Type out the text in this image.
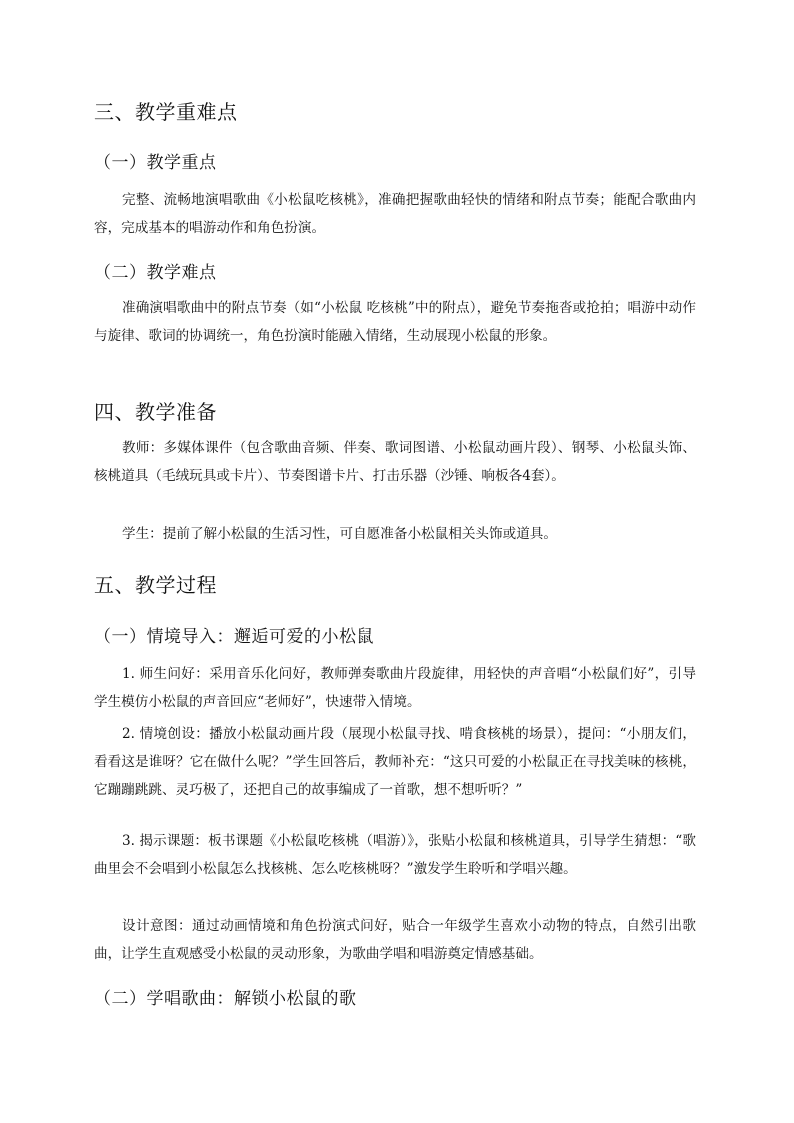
三、教学重难点
（一）教学重点

完整、流畅地演唱歌曲《小松鼠吃核桃》，准确把握歌曲轻快的情绪和附点节奏；能配合歌曲内容，完成基本的唱游动作和角色扮演。

（二）教学难点

准确演唱歌曲中的附点节奏（如“小松鼠 吃核桃”中的附点），避免节奏拖沓或抢拍；唱游中动作与旋律、歌词的协调统一，角色扮演时能融入情绪，生动展现小松鼠的形象。

四、教学准备

教师：多媒体课件（包含歌曲音频、伴奏、歌词图谱、小松鼠动画片段）、钢琴、小松鼠头饰、核桃道具（毛绒玩具或卡片）、节奏图谱卡片、打击乐器（沙锤、响板各4套）。

学生：提前了解小松鼠的生活习性，可自愿准备小松鼠相关头饰或道具。

五、教学过程
（一）情境导入：邂逅可爱的小松鼠

1. 师生问好：采用音乐化问好，教师弹奏歌曲片段旋律，用轻快的声音唱“小松鼠们好”，引导学生模仿小松鼠的声音回应“老师好”，快速带入情境。

2. 情境创设：播放小松鼠动画片段（展现小松鼠寻找、啃食核桃的场景），提问：“小朋友们，看看这是谁呀？它在做什么呢？”学生回答后，教师补充：“这只可爱的小松鼠正在寻找美味的核桃，它蹦蹦跳跳、灵巧极了，还把自己的故事编成了一首歌，想不想听听？”

3. 揭示课题：板书课题《小松鼠吃核桃（唱游）》，张贴小松鼠和核桃道具，引导学生猜想：“歌曲里会不会唱到小松鼠怎么找核桃、怎么吃核桃呀？”激发学生聆听和学唱兴趣。

设计意图：通过动画情境和角色扮演式问好，贴合一年级学生喜欢小动物的特点，自然引出歌曲，让学生直观感受小松鼠的灵动形象，为歌曲学唱和唱游奠定情感基础。

（二）学唱歌曲：解锁小松鼠的歌
